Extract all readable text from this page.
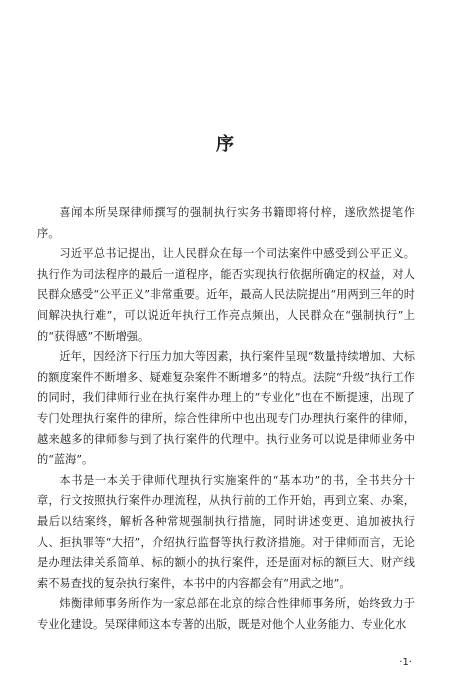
序

喜闻本所吴琛律师撰写的强制执行实务书籍即将付梓，遂欣然提笔作序。

习近平总书记提出，让人民群众在每一个司法案件中感受到公平正义。执行作为司法程序的最后一道程序，能否实现执行依据所确定的权益，对人民群众感受“公平正义”非常重要。近年，最高人民法院提出“用两到三年的时间解决执行难”，可以说近年执行工作亮点频出，人民群众在“强制执行”上的“获得感”不断增强。

近年，因经济下行压力加大等因素，执行案件呈现“数量持续增加、大标的额度案件不断增多、疑难复杂案件不断增多”的特点。法院“升级”执行工作的同时，我们律师行业在执行案件办理上的“专业化”也在不断提速，出现了专门处理执行案件的律所，综合性律所中也出现专门办理执行案件的律师，越来越多的律师参与到了执行案件的代理中。执行业务可以说是律师业务中的“蓝海”。

本书是一本关于律师代理执行实施案件的“基本功”的书，全书共分十章，行文按照执行案件办理流程，从执行前的工作开始，再到立案、办案，最后以结案终，解析各种常规强制执行措施，同时讲述变更、追加被执行人、拒执罪等“大招”，介绍执行监督等执行救济措施。对于律师而言，无论是办理法律关系简单、标的额小的执行案件，还是面对标的额巨大、财产线索不易查找的复杂执行案件，本书中的内容都会有“用武之地”。

炜衡律师事务所作为一家总部在北京的综合性律师事务所，始终致力于专业化建设。吴琛律师这本专著的出版，既是对他个人业务能力、专业化水

·1·
